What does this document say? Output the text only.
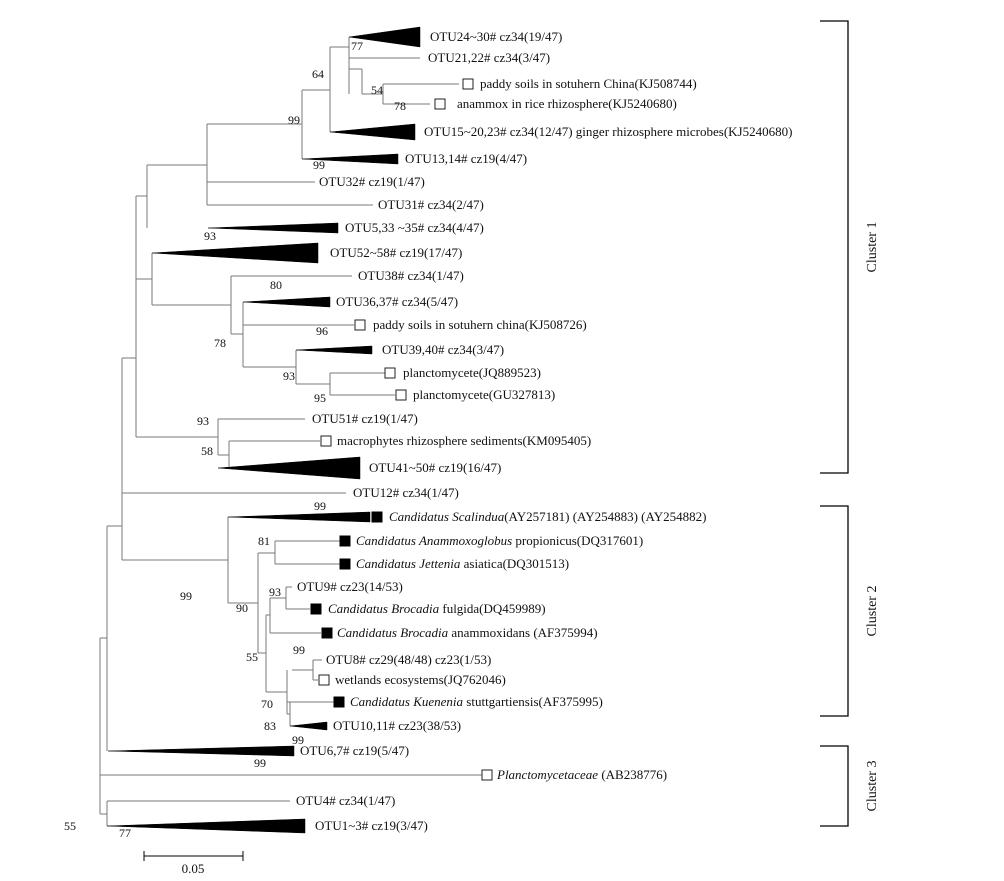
OTU24~30# cz34(19/47)
OTU21,22# cz34(3/47)
paddy soils in sotuhern China(KJ508744)
anammox in rice rhizosphere(KJ5240680)
OTU15~20,23# cz34(12/47) ginger rhizosphere microbes(KJ5240680)
OTU13,14# cz19(4/47)
OTU32# cz19(1/47)
OTU31# cz34(2/47)
OTU5,33 ~35# cz34(4/47)
OTU52~58# cz19(17/47)
OTU38# cz34(1/47)
OTU36,37# cz34(5/47)
paddy soils in sotuhern china(KJ508726)
OTU39,40# cz34(3/47)
planctomycete(JQ889523)
planctomycete(GU327813)
OTU51# cz19(1/47)
macrophytes rhizosphere sediments(KM095405)
OTU41~50# cz19(16/47)
OTU12# cz34(1/47)
Candidatus Scalindua(AY257181) (AY254883) (AY254882)
Candidatus Anammoxoglobus propionicus(DQ317601)
Candidatus Jettenia asiatica(DQ301513)
OTU9# cz23(14/53)
Candidatus Brocadia fulgida(DQ459989)
Candidatus Brocadia anammoxidans (AF375994)
OTU8# cz29(48/48) cz23(1/53)
wetlands ecosystems(JQ762046)
Candidatus Kuenenia stuttgartiensis(AF375995)
OTU10,11# cz23(38/53)
OTU6,7# cz19(5/47)
Planctomycetaceae (AB238776)
OTU4# cz34(1/47)
OTU1~3# cz19(3/47)
77
64
54
78
99
99
93
80
78
96
93
95
93
58
99
81
99
90
93
55	99
70
83
99
99
55	77
Cluster 1
Cluster 2
Cluster 3
0.05
